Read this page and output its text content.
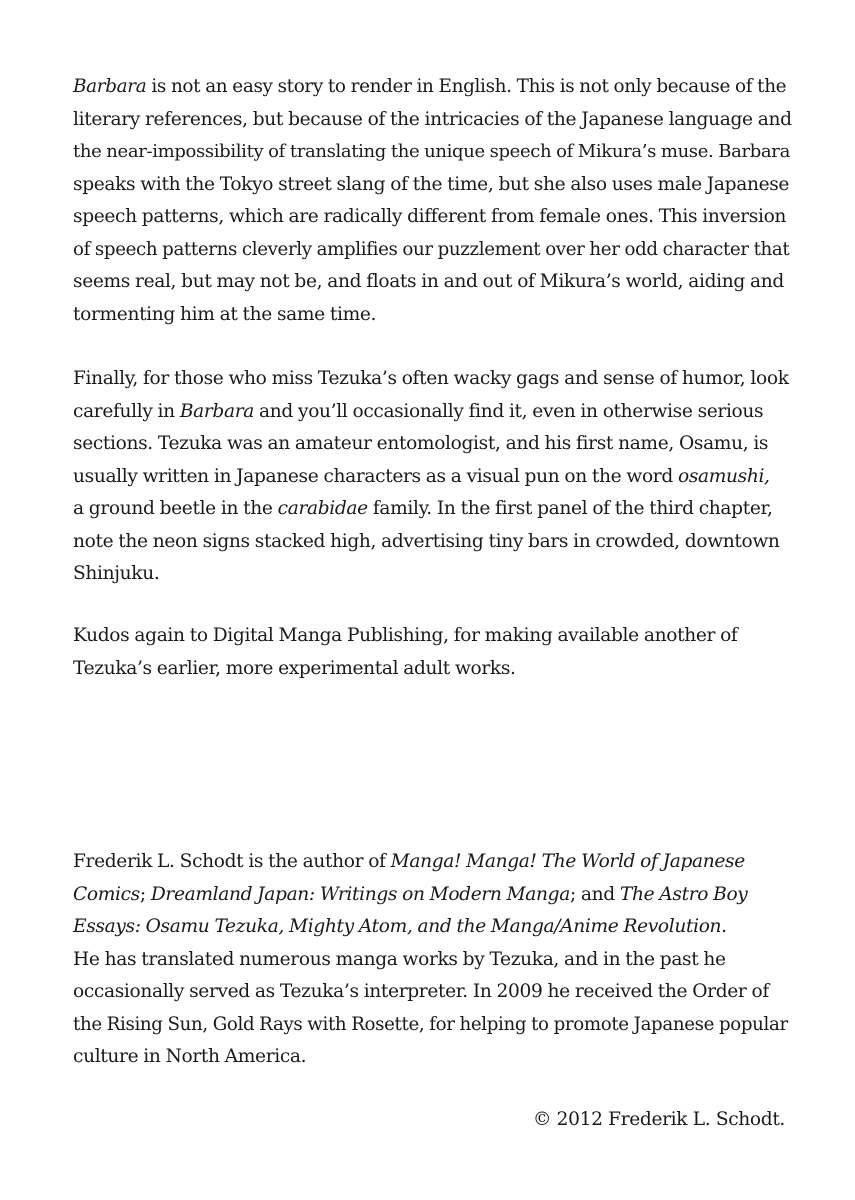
Barbara is not an easy story to render in English. This is not only because of the
literary references, but because of the intricacies of the Japanese language and
the near-impossibility of translating the unique speech of Mikura’s muse. Barbara
speaks with the Tokyo street slang of the time, but she also uses male Japanese
speech patterns, which are radically different from female ones. This inversion
of speech patterns cleverly amplifies our puzzlement over her odd character that
seems real, but may not be, and floats in and out of Mikura’s world, aiding and
tormenting him at the same time.

Finally, for those who miss Tezuka’s often wacky gags and sense of humor, look
carefully in Barbara and you’ll occasionally find it, even in otherwise serious
sections. Tezuka was an amateur entomologist, and his first name, Osamu, is
usually written in Japanese characters as a visual pun on the word osamushi,
a ground beetle in the carabidae family. In the first panel of the third chapter,
note the neon signs stacked high, advertising tiny bars in crowded, downtown
Shinjuku.

Kudos again to Digital Manga Publishing, for making available another of
Tezuka’s earlier, more experimental adult works.

Frederik L. Schodt is the author of Manga! Manga! The World of Japanese
Comics; Dreamland Japan: Writings on Modern Manga; and The Astro Boy
Essays: Osamu Tezuka, Mighty Atom, and the Manga/Anime Revolution.
He has translated numerous manga works by Tezuka, and in the past he
occasionally served as Tezuka’s interpreter. In 2009 he received the Order of
the Rising Sun, Gold Rays with Rosette, for helping to promote Japanese popular
culture in North America.

© 2012 Frederik L. Schodt.
